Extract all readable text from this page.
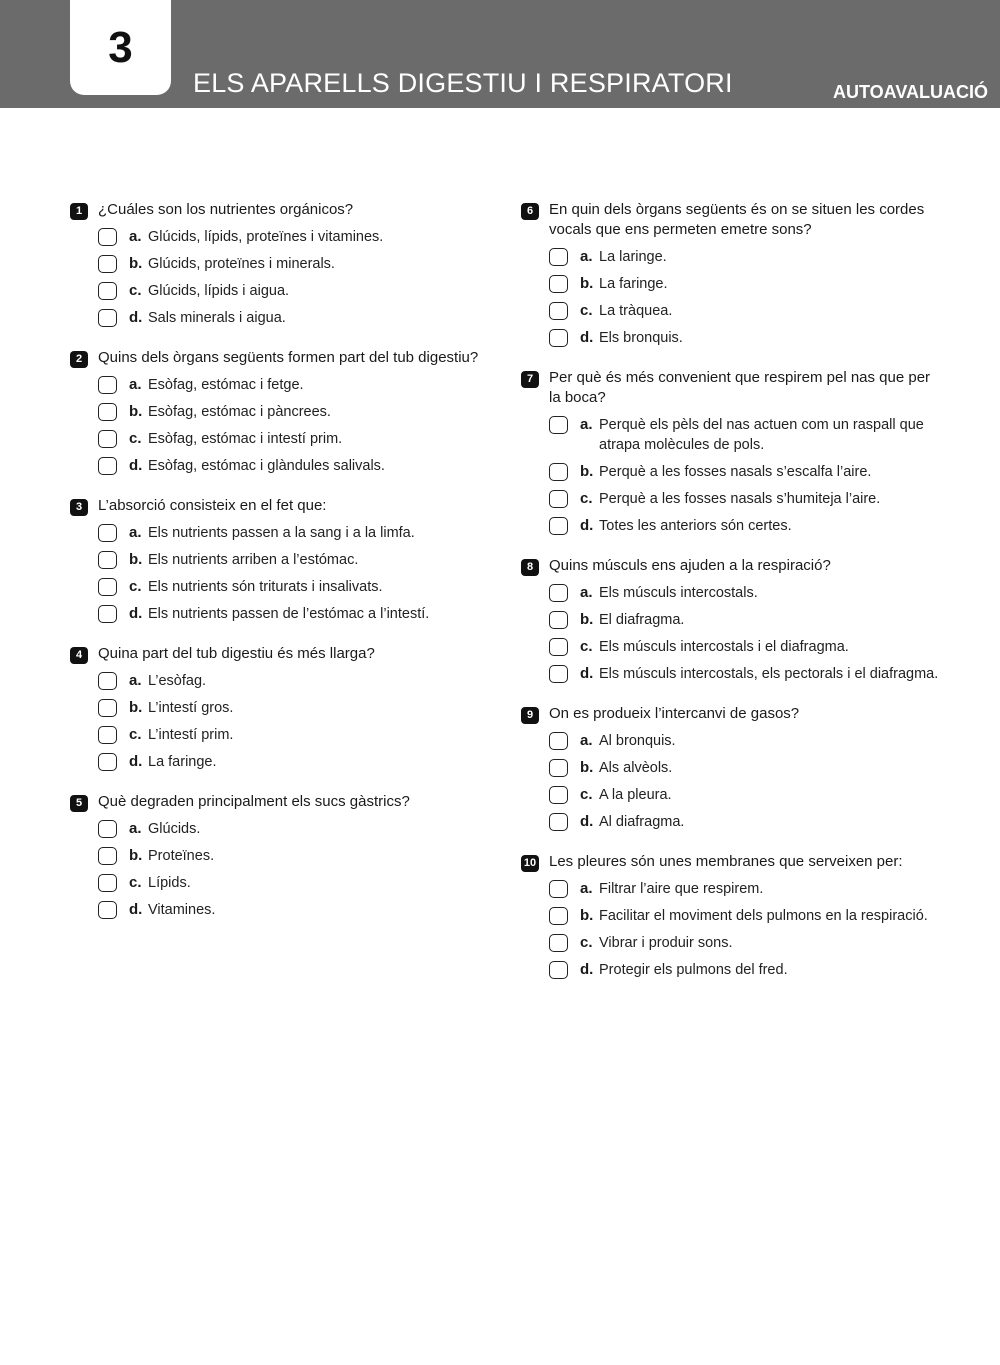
3
ELS APARELLS DIGESTIU I RESPIRATORI	AUTOAVALUACIÓ
1	¿Cuáles son los nutrientes orgánicos?
a. Glúcids, lípids, proteïnes i vitamines.
b. Glúcids, proteïnes i minerals.
c. Glúcids, lípids i aigua.
d. Sals minerals i aigua.
2	Quins dels òrgans següents formen part del tub digestiu?
a. Esòfag, estómac i fetge.
b. Esòfag, estómac i pàncrees.
c. Esòfag, estómac i intestí prim.
d. Esòfag, estómac i glàndules salivals.
3	L’absorció consisteix en el fet que:
a. Els nutrients passen a la sang i a la limfa.
b. Els nutrients arriben a l’estómac.
c. Els nutrients són triturats i insalivats.
d. Els nutrients passen de l’estómac a l’intestí.
4	Quina part del tub digestiu és més llarga?
a. L’esòfag.
b. L’intestí gros.
c. L’intestí prim.
d. La faringe.
5	Què degraden principalment els sucs gàstrics?
a. Glúcids.
b. Proteïnes.
c. Lípids.
d. Vitamines.
6	En quin dels òrgans següents és on se situen les cordes vocals que ens permeten emetre sons?
a. La laringe.
b. La faringe.
c. La tràquea.
d. Els bronquis.
7	Per què és més convenient que respirem pel nas que per la boca?
a. Perquè els pèls del nas actuen com un raspall que atrapa molècules de pols.
b. Perquè a les fosses nasals s’escalfa l’aire.
c. Perquè a les fosses nasals s’humiteja l’aire.
d. Totes les anteriors són certes.
8	Quins músculs ens ajuden a la respiració?
a. Els músculs intercostals.
b. El diafragma.
c. Els músculs intercostals i el diafragma.
d. Els músculs intercostals, els pectorals i el diafragma.
9	On es produeix l’intercanvi de gasos?
a. Al bronquis.
b. Als alvèols.
c. A la pleura.
d. Al diafragma.
10 Les pleures són unes membranes que serveixen per:
a. Filtrar l’aire que respirem.
b. Facilitar el moviment dels pulmons en la respiració.
c. Vibrar i produir sons.
d. Protegir els pulmons del fred.
